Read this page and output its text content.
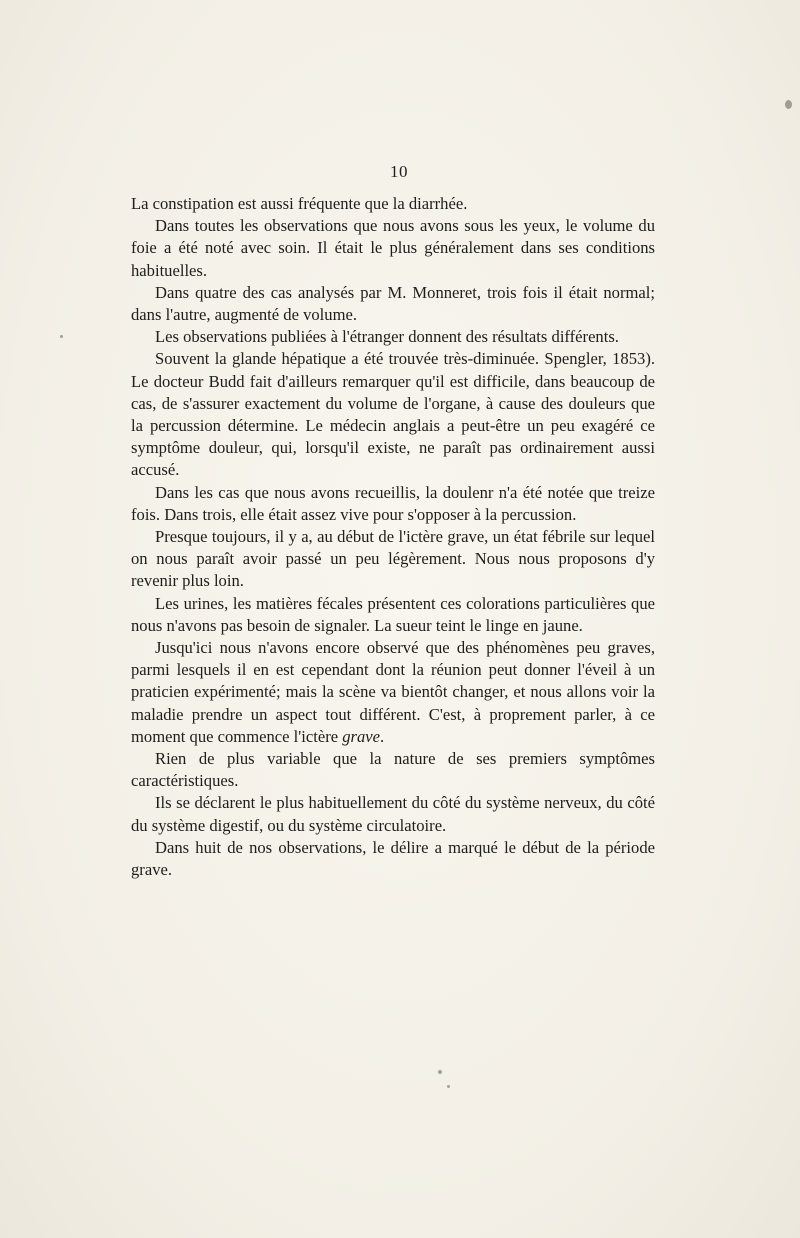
10

La constipation est aussi fréquente que la diarrhée.

Dans toutes les observations que nous avons sous les yeux, le volume du foie a été noté avec soin. Il était le plus généralement dans ses conditions habituelles.

Dans quatre des cas analysés par M. Monneret, trois fois il était normal; dans l'autre, augmenté de volume.

Les observations publiées à l'étranger donnent des résultats différents.

Souvent la glande hépatique a été trouvée très-diminuée. Spengler, 1853). Le docteur Budd fait d'ailleurs remarquer qu'il est difficile, dans beaucoup de cas, de s'assurer exactement du volume de l'organe, à cause des douleurs que la percussion détermine. Le médecin anglais a peut-être un peu exagéré ce symptôme douleur, qui, lorsqu'il existe, ne paraît pas ordinairement aussi accusé.

Dans les cas que nous avons recueillis, la doulenr n'a été notée que treize fois. Dans trois, elle était assez vive pour s'opposer à la percussion.

Presque toujours, il y a, au début de l'ictère grave, un état fébrile sur lequel on nous paraît avoir passé un peu légèrement. Nous nous proposons d'y revenir plus loin.

Les urines, les matières fécales présentent ces colorations particulières que nous n'avons pas besoin de signaler. La sueur teint le linge en jaune.

Jusqu'ici nous n'avons encore observé que des phénomènes peu graves, parmi lesquels il en est cependant dont la réunion peut donner l'éveil à un praticien expérimenté; mais la scène va bientôt changer, et nous allons voir la maladie prendre un aspect tout différent. C'est, à proprement parler, à ce moment que commence l'ictère grave.

Rien de plus variable que la nature de ses premiers symptômes caractéristiques.

Ils se déclarent le plus habituellement du côté du système nerveux, du côté du système digestif, ou du système circulatoire.

Dans huit de nos observations, le délire a marqué le début de la période grave.
